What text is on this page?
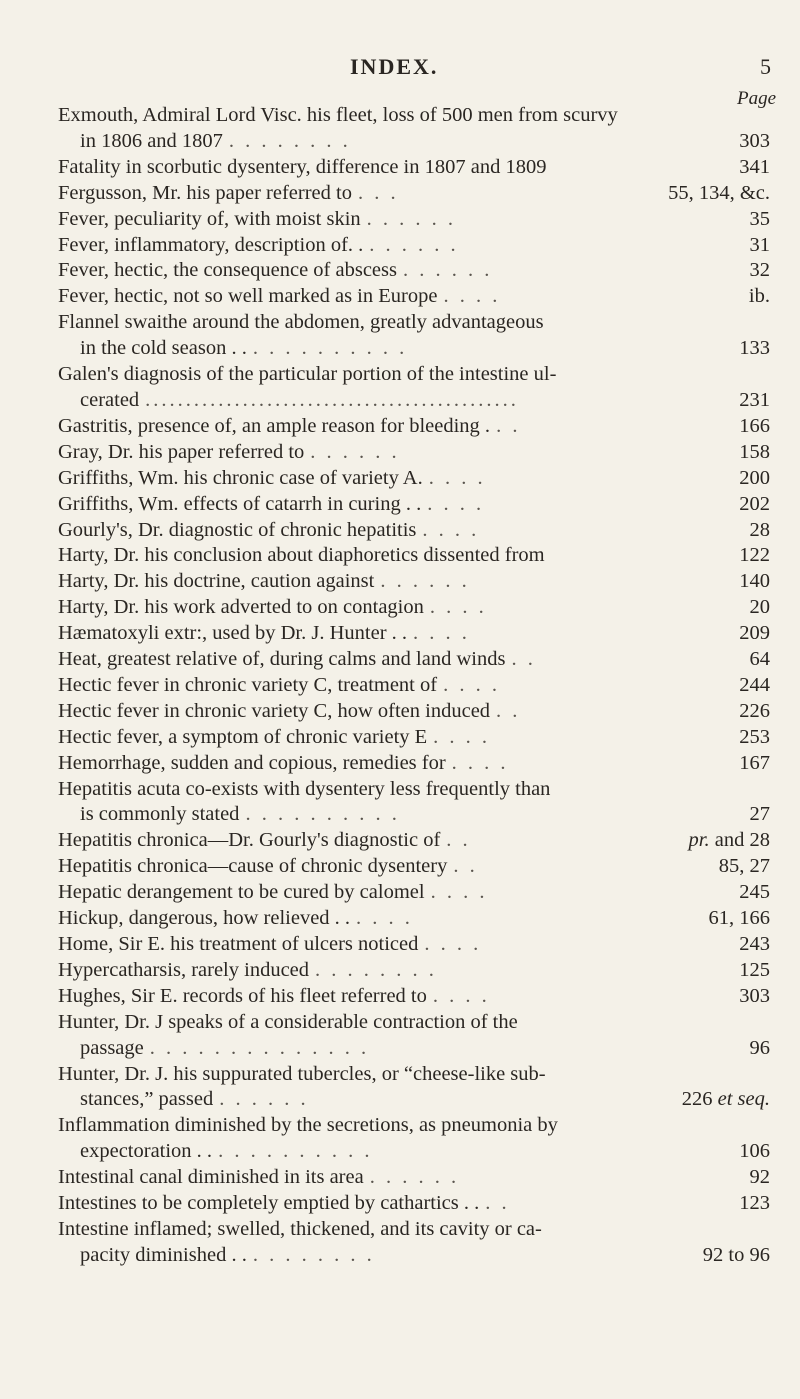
INDEX.	5
Page
Exmouth, Admiral Lord Visc. his fleet, loss of 500 men from scurvy
in 1806 and 1807 . . . . . . . .	303
Fatality in scorbutic dysentery, difference in 1807 and 1809	341
Fergusson, Mr. his paper referred to . . .	55, 134, &c.
Fever, peculiarity of, with moist skin . . . . . .	35
Fever, inflammatory, description of. . . . . . . .	31
Fever, hectic, the consequence of abscess . . . . . .	32
Fever, hectic, not so well marked as in Europe . . . .	ib.
Flannel swaithe around the abdomen, greatly advantageous
in the cold season . . . . . . . . . . . .	133
Galen's diagnosis of the particular portion of the intestine ul-
cerated ..............................................	231
Gastritis, presence of, an ample reason for bleeding . . .	166
Gray, Dr. his paper referred to . . . . . .	158
Griffiths, Wm. his chronic case of variety A. . . . .	200
Griffiths, Wm. effects of catarrh in curing . . . . . .	202
Gourly's, Dr. diagnostic of chronic hepatitis . . . .	28
Harty, Dr. his conclusion about diaphoretics dissented from	122
Harty, Dr. his doctrine, caution against . . . . . .	140
Harty, Dr. his work adverted to on contagion . . . .	20
Hæmatoxyli extr:, used by Dr. J. Hunter . . . . . .	209
Heat, greatest relative of, during calms and land winds . .	64
Hectic fever in chronic variety C, treatment of . . . .	244
Hectic fever in chronic variety C, how often induced . .	226
Hectic fever, a symptom of chronic variety E . . . .	253
Hemorrhage, sudden and copious, remedies for . . . .	167
Hepatitis acuta co-exists with dysentery less frequently than
is commonly stated . . . . . . . . . .	27
Hepatitis chronica—Dr. Gourly's diagnostic of . .	pr. and 28
Hepatitis chronica—cause of chronic dysentery . .	85, 27
Hepatic derangement to be cured by calomel . . . .	245
Hickup, dangerous, how relieved . . . . . .	61, 166
Home, Sir E. his treatment of ulcers noticed . . . .	243
Hypercatharsis, rarely induced . . . . . . . .	125
Hughes, Sir E. records of his fleet referred to . . . .	303
Hunter, Dr. J speaks of a considerable contraction of the
passage . . . . . . . . . . . . . .	96
Hunter, Dr. J. his suppurated tubercles, or “cheese-like sub-
stances,” passed . . . . . .	226 et seq.
Inflammation diminished by the secretions, as pneumonia by
expectoration . . . . . . . . . . . .	106
Intestinal canal diminished in its area . . . . . .	92
Intestines to be completely emptied by cathartics . . . .	123
Intestine inflamed; swelled, thickened, and its cavity or ca-
pacity diminished . . . . . . . . . .	92 to 96
